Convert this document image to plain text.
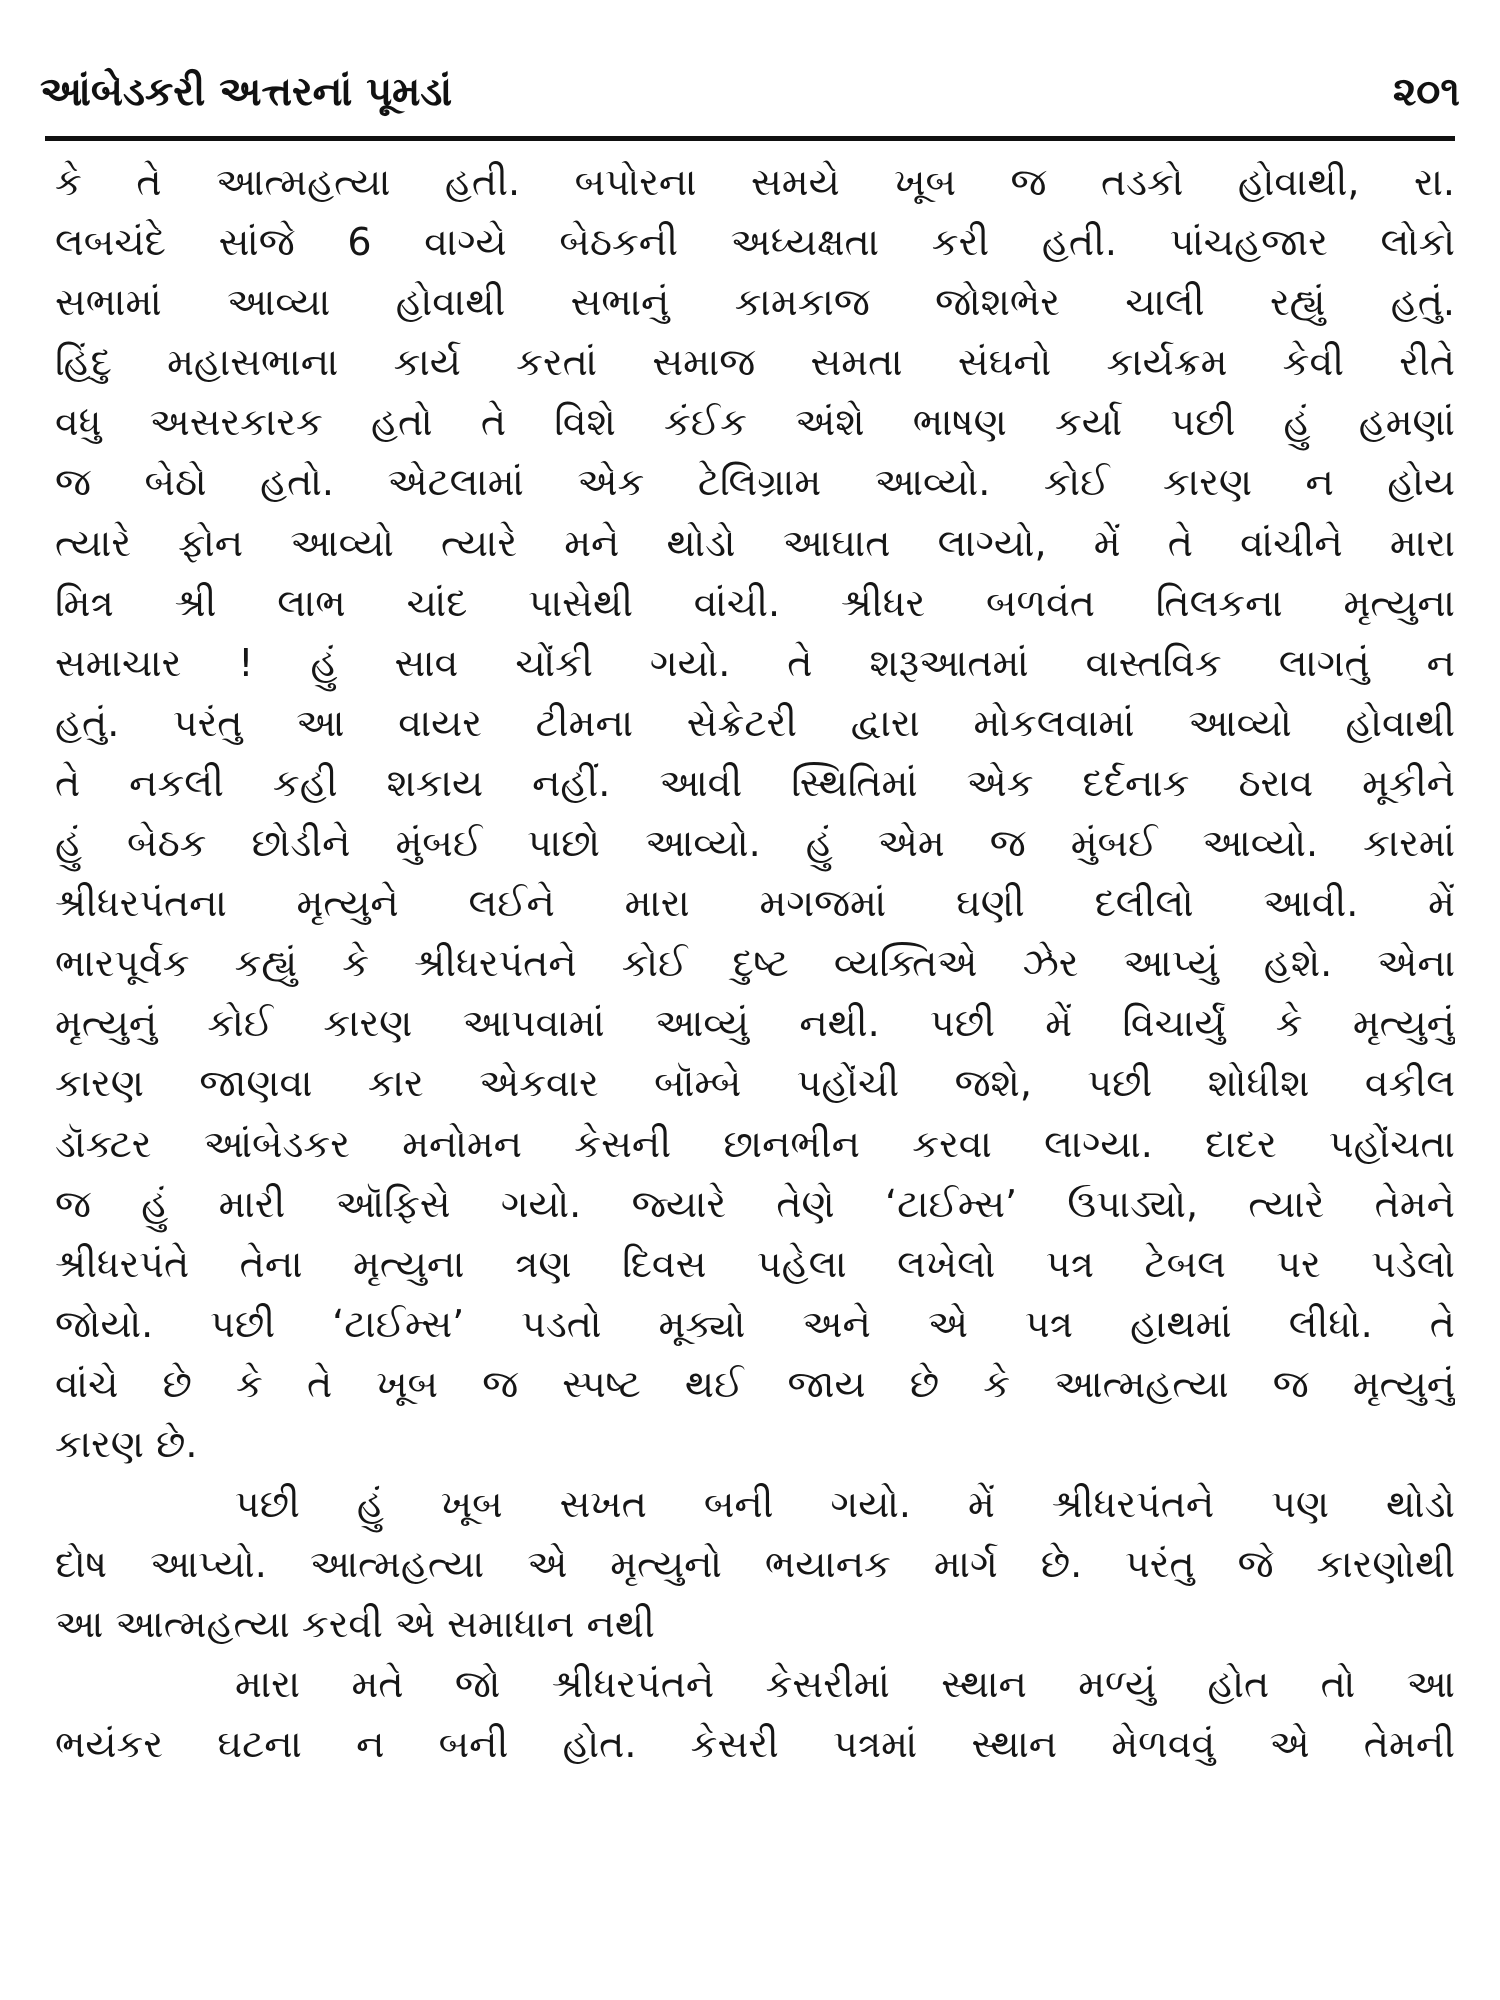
આંબેડકરી અત્તરનાં પૂમડાં	૨૦૧
કે તે આત્મહત્યા હતી. બપોરના સમયે ખૂબ જ તડકો હોવાથી, રા.
લબચંદે સાંજે 6 વાગ્યે બેઠકની અધ્યક્ષતા કરી હતી. પાંચહજાર લોકો
સભામાં આવ્યા હોવાથી સભાનું કામકાજ જોશભેર ચાલી રહ્યું હતું.
હિંદુ મહાસભાના કાર્ય કરતાં સમાજ સમતા સંઘનો કાર્યક્રમ કેવી રીતે
વધુ અસરકારક હતો તે વિશે કંઈક અંશે ભાષણ કર્યા પછી હું હમણાં
જ બેઠો હતો. એટલામાં એક ટેલિગ્રામ આવ્યો. કોઈ કારણ ન હોય
ત્યારે ફોન આવ્યો ત્યારે મને થોડો આઘાત લાગ્યો, મેં તે વાંચીને મારા
મિત્ર શ્રી લાભ ચાંદ પાસેથી વાંચી. શ્રીધર બળવંત તિલકના મૃત્યુના
સમાચાર ! હું સાવ ચોંકી ગયો. તે શરૂઆતમાં વાસ્તવિક લાગતું ન
હતું. પરંતુ આ વાયર ટીમના સેક્રેટરી દ્વારા મોકલવામાં આવ્યો હોવાથી
તે નકલી કહી શકાય નહીં. આવી સ્થિતિમાં એક દર્દનાક ઠરાવ મૂકીને
હું બેઠક છોડીને મુંબઈ પાછો આવ્યો. હું એમ જ મુંબઈ આવ્યો. કારમાં
શ્રીધરપંતના મૃત્યુને લઈને મારા મગજમાં ઘણી દલીલો આવી. મેં
ભારપૂર્વક કહ્યું કે શ્રીધરપંતને કોઈ દુષ્ટ વ્યક્તિએ ઝેર આપ્યું હશે. એના
મૃત્યુનું કોઈ કારણ આપવામાં આવ્યું નથી. પછી મેં વિચાર્યું કે મૃત્યુનું
કારણ જાણવા કાર એકવાર બૉમ્બે પહોંચી જશે, પછી શોધીશ વકીલ
ડૉક્ટર આંબેડકર મનોમન કેસની છાનભીન કરવા લાગ્યા. દાદર પહોંચતા
જ હું મારી ઑફિસે ગયો. જ્યારે તેણે ‘ટાઈમ્સ’ ઉપાડ્યો, ત્યારે તેમને
શ્રીધરપંતે તેના મૃત્યુના ત્રણ દિવસ પહેલા લખેલો પત્ર ટેબલ પર પડેલો
જોયો. પછી ‘ટાઈમ્સ’ પડતો મૂક્યો અને એ પત્ર હાથમાં લીધો. તે
વાંચે છે કે તે ખૂબ જ સ્પષ્ટ થઈ જાય છે કે આત્મહત્યા જ મૃત્યુનું
કારણ છે.
પછી હું ખૂબ સખત બની ગયો. મેં શ્રીધરપંતને પણ થોડો
દોષ આપ્યો. આત્મહત્યા એ મૃત્યુનો ભયાનક માર્ગ છે. પરંતુ જે કારણોથી
આ આત્મહત્યા કરવી એ સમાધાન નથી
મારા મતે જો શ્રીધરપંતને કેસરીમાં સ્થાન મળ્યું હોત તો આ
ભયંકર ઘટના ન બની હોત. કેસરી પત્રમાં સ્થાન મેળવવું એ તેમની
